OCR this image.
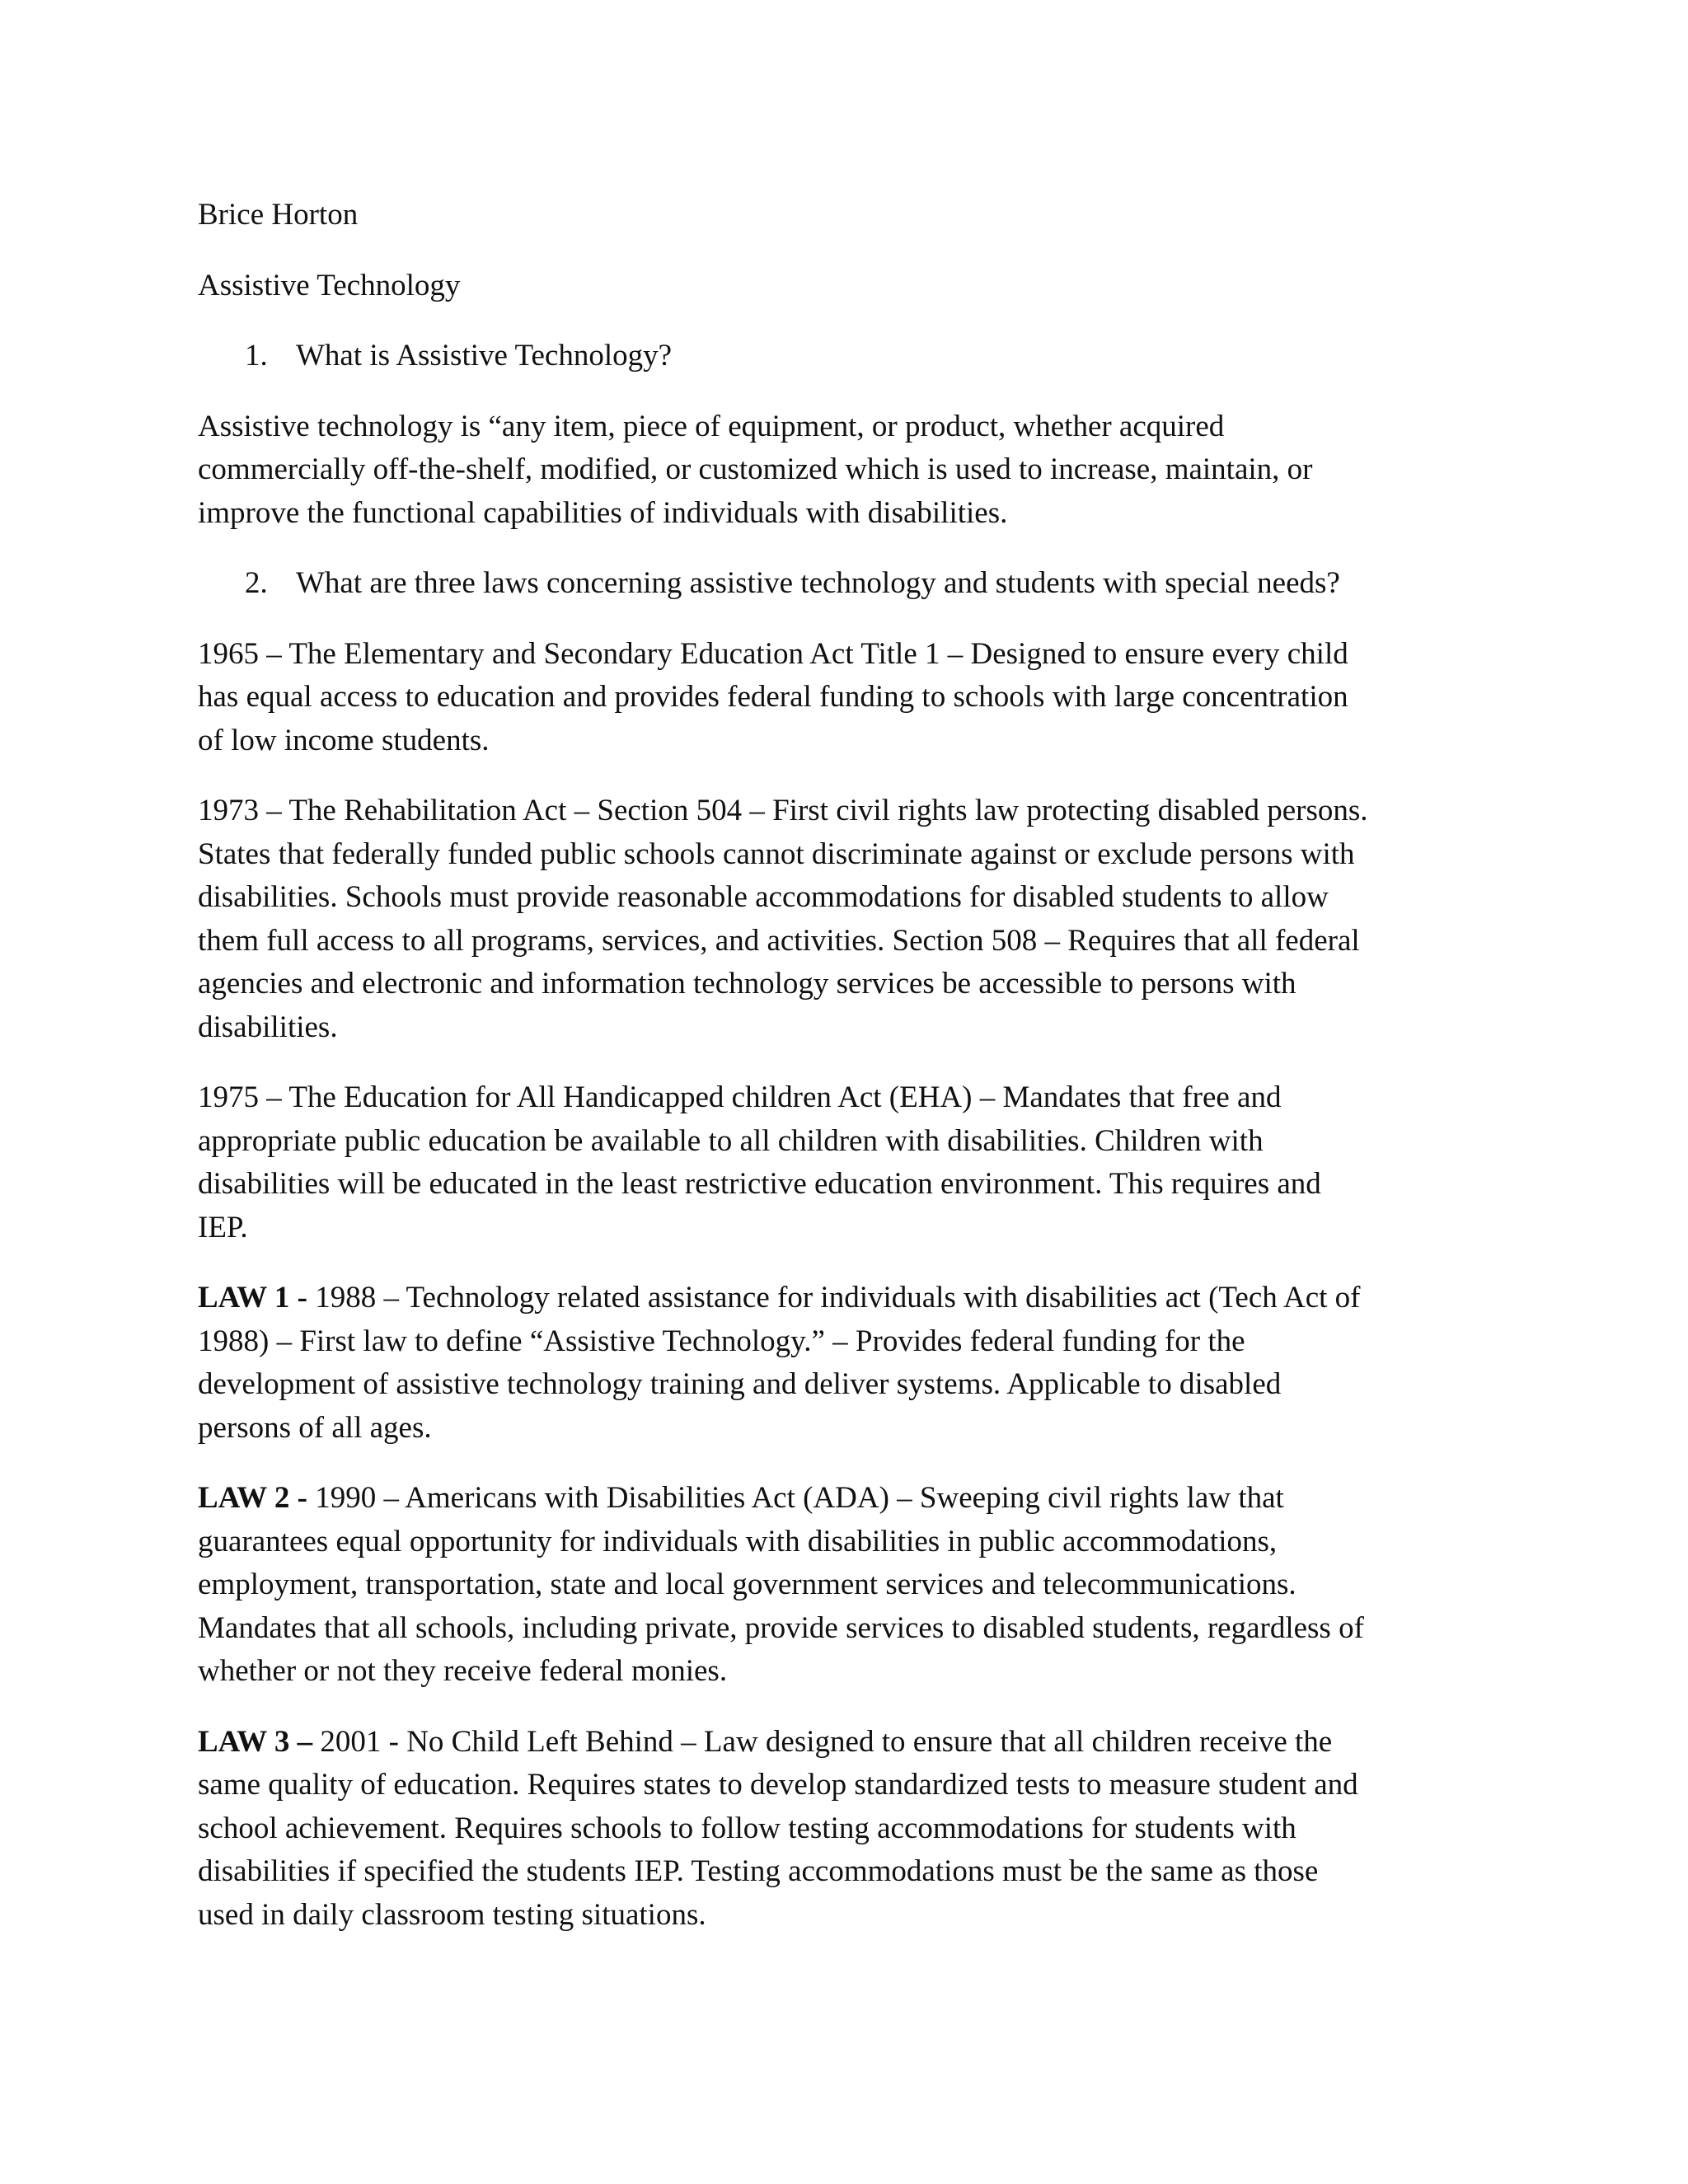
Brice Horton
Assistive Technology
1. What is Assistive Technology?
Assistive technology is “any item, piece of equipment, or product, whether acquired commercially off-the-shelf, modified, or customized which is used to increase, maintain, or improve the functional capabilities of individuals with disabilities.
2. What are three laws concerning assistive technology and students with special needs?
1965 – The Elementary and Secondary Education Act Title 1 – Designed to ensure every child has equal access to education and provides federal funding to schools with large concentration of low income students.
1973 – The Rehabilitation Act – Section 504 – First civil rights law protecting disabled persons. States that federally funded public schools cannot discriminate against or exclude persons with disabilities. Schools must provide reasonable accommodations for disabled students to allow them full access to all programs, services, and activities. Section 508 – Requires that all federal agencies and electronic and information technology services be accessible to persons with disabilities.
1975 – The Education for All Handicapped children Act (EHA) – Mandates that free and appropriate public education be available to all children with disabilities. Children with disabilities will be educated in the least restrictive education environment. This requires and IEP.
LAW 1 - 1988 – Technology related assistance for individuals with disabilities act (Tech Act of 1988) – First law to define “Assistive Technology.” – Provides federal funding for the development of assistive technology training and deliver systems. Applicable to disabled persons of all ages.
LAW 2 - 1990 – Americans with Disabilities Act (ADA) – Sweeping civil rights law that guarantees equal opportunity for individuals with disabilities in public accommodations, employment, transportation, state and local government services and telecommunications. Mandates that all schools, including private, provide services to disabled students, regardless of whether or not they receive federal monies.
LAW 3 – 2001 - No Child Left Behind – Law designed to ensure that all children receive the same quality of education. Requires states to develop standardized tests to measure student and school achievement. Requires schools to follow testing accommodations for students with disabilities if specified the students IEP. Testing accommodations must be the same as those used in daily classroom testing situations.
